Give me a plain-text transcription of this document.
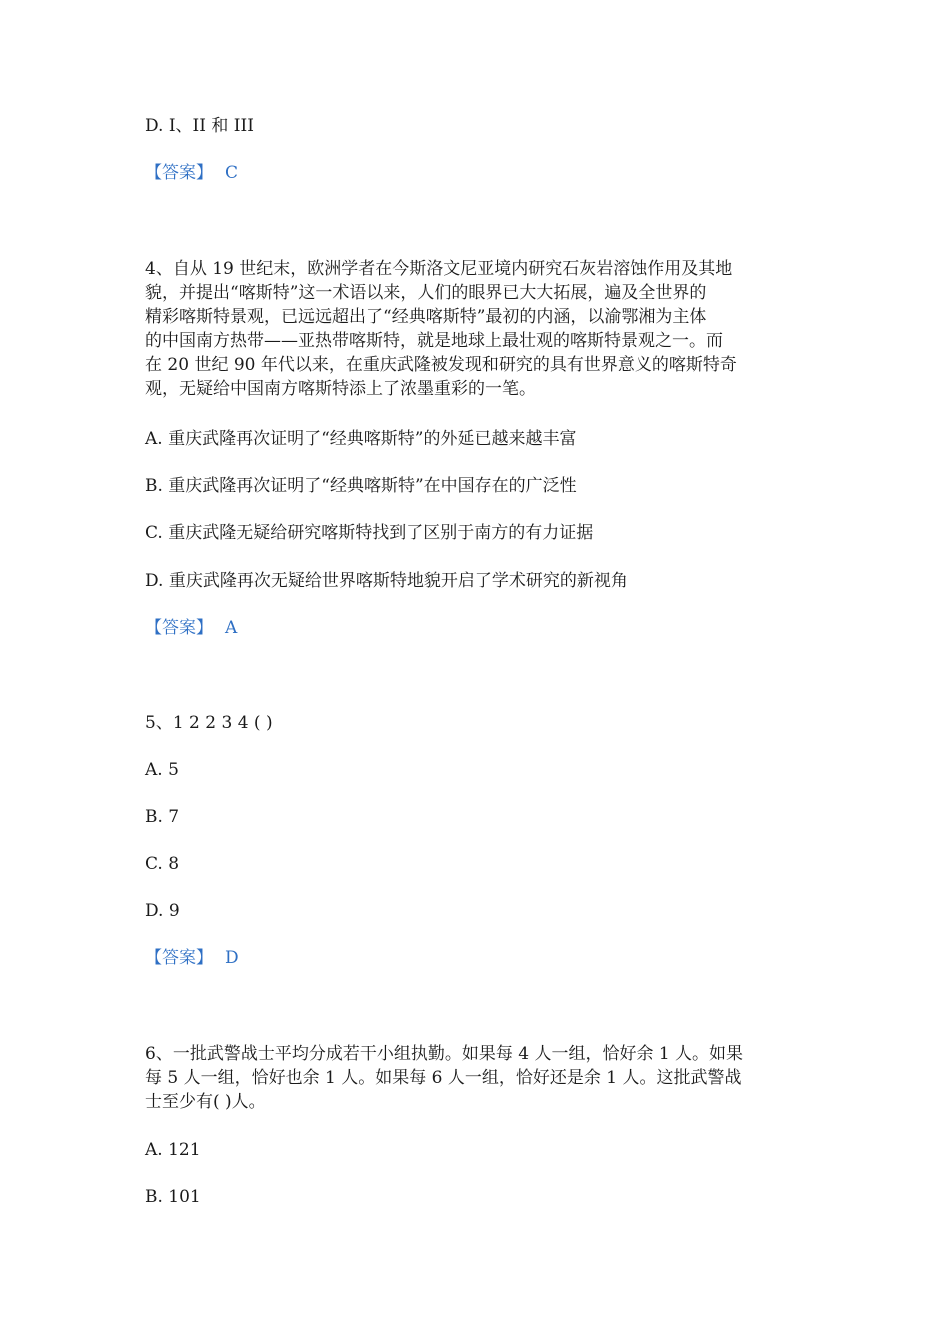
D. I、II 和 III
【答案】 C
4、自从 19 世纪末，欧洲学者在今斯洛文尼亚境内研究石灰岩溶蚀作用及其地
貌，并提出“喀斯特”这一术语以来，人们的眼界已大大拓展，遍及全世界的
精彩喀斯特景观，已远远超出了“经典喀斯特”最初的内涵，以渝鄂湘为主体
的中国南方热带——亚热带喀斯特，就是地球上最壮观的喀斯特景观之一。而
在 20 世纪 90 年代以来，在重庆武隆被发现和研究的具有世界意义的喀斯特奇
观，无疑给中国南方喀斯特添上了浓墨重彩的一笔。
A. 重庆武隆再次证明了“经典喀斯特”的外延已越来越丰富
B. 重庆武隆再次证明了“经典喀斯特”在中国存在的广泛性
C. 重庆武隆无疑给研究喀斯特找到了区别于南方的有力证据
D. 重庆武隆再次无疑给世界喀斯特地貌开启了学术研究的新视角
【答案】 A
5、1 2 2 3 4 ( )
A. 5
B. 7
C. 8
D. 9
【答案】 D
6、一批武警战士平均分成若干小组执勤。如果每 4 人一组，恰好余 1 人。如果
每 5 人一组，恰好也余 1 人。如果每 6 人一组，恰好还是余 1 人。这批武警战
士至少有( )人。
A. 121
B. 101
